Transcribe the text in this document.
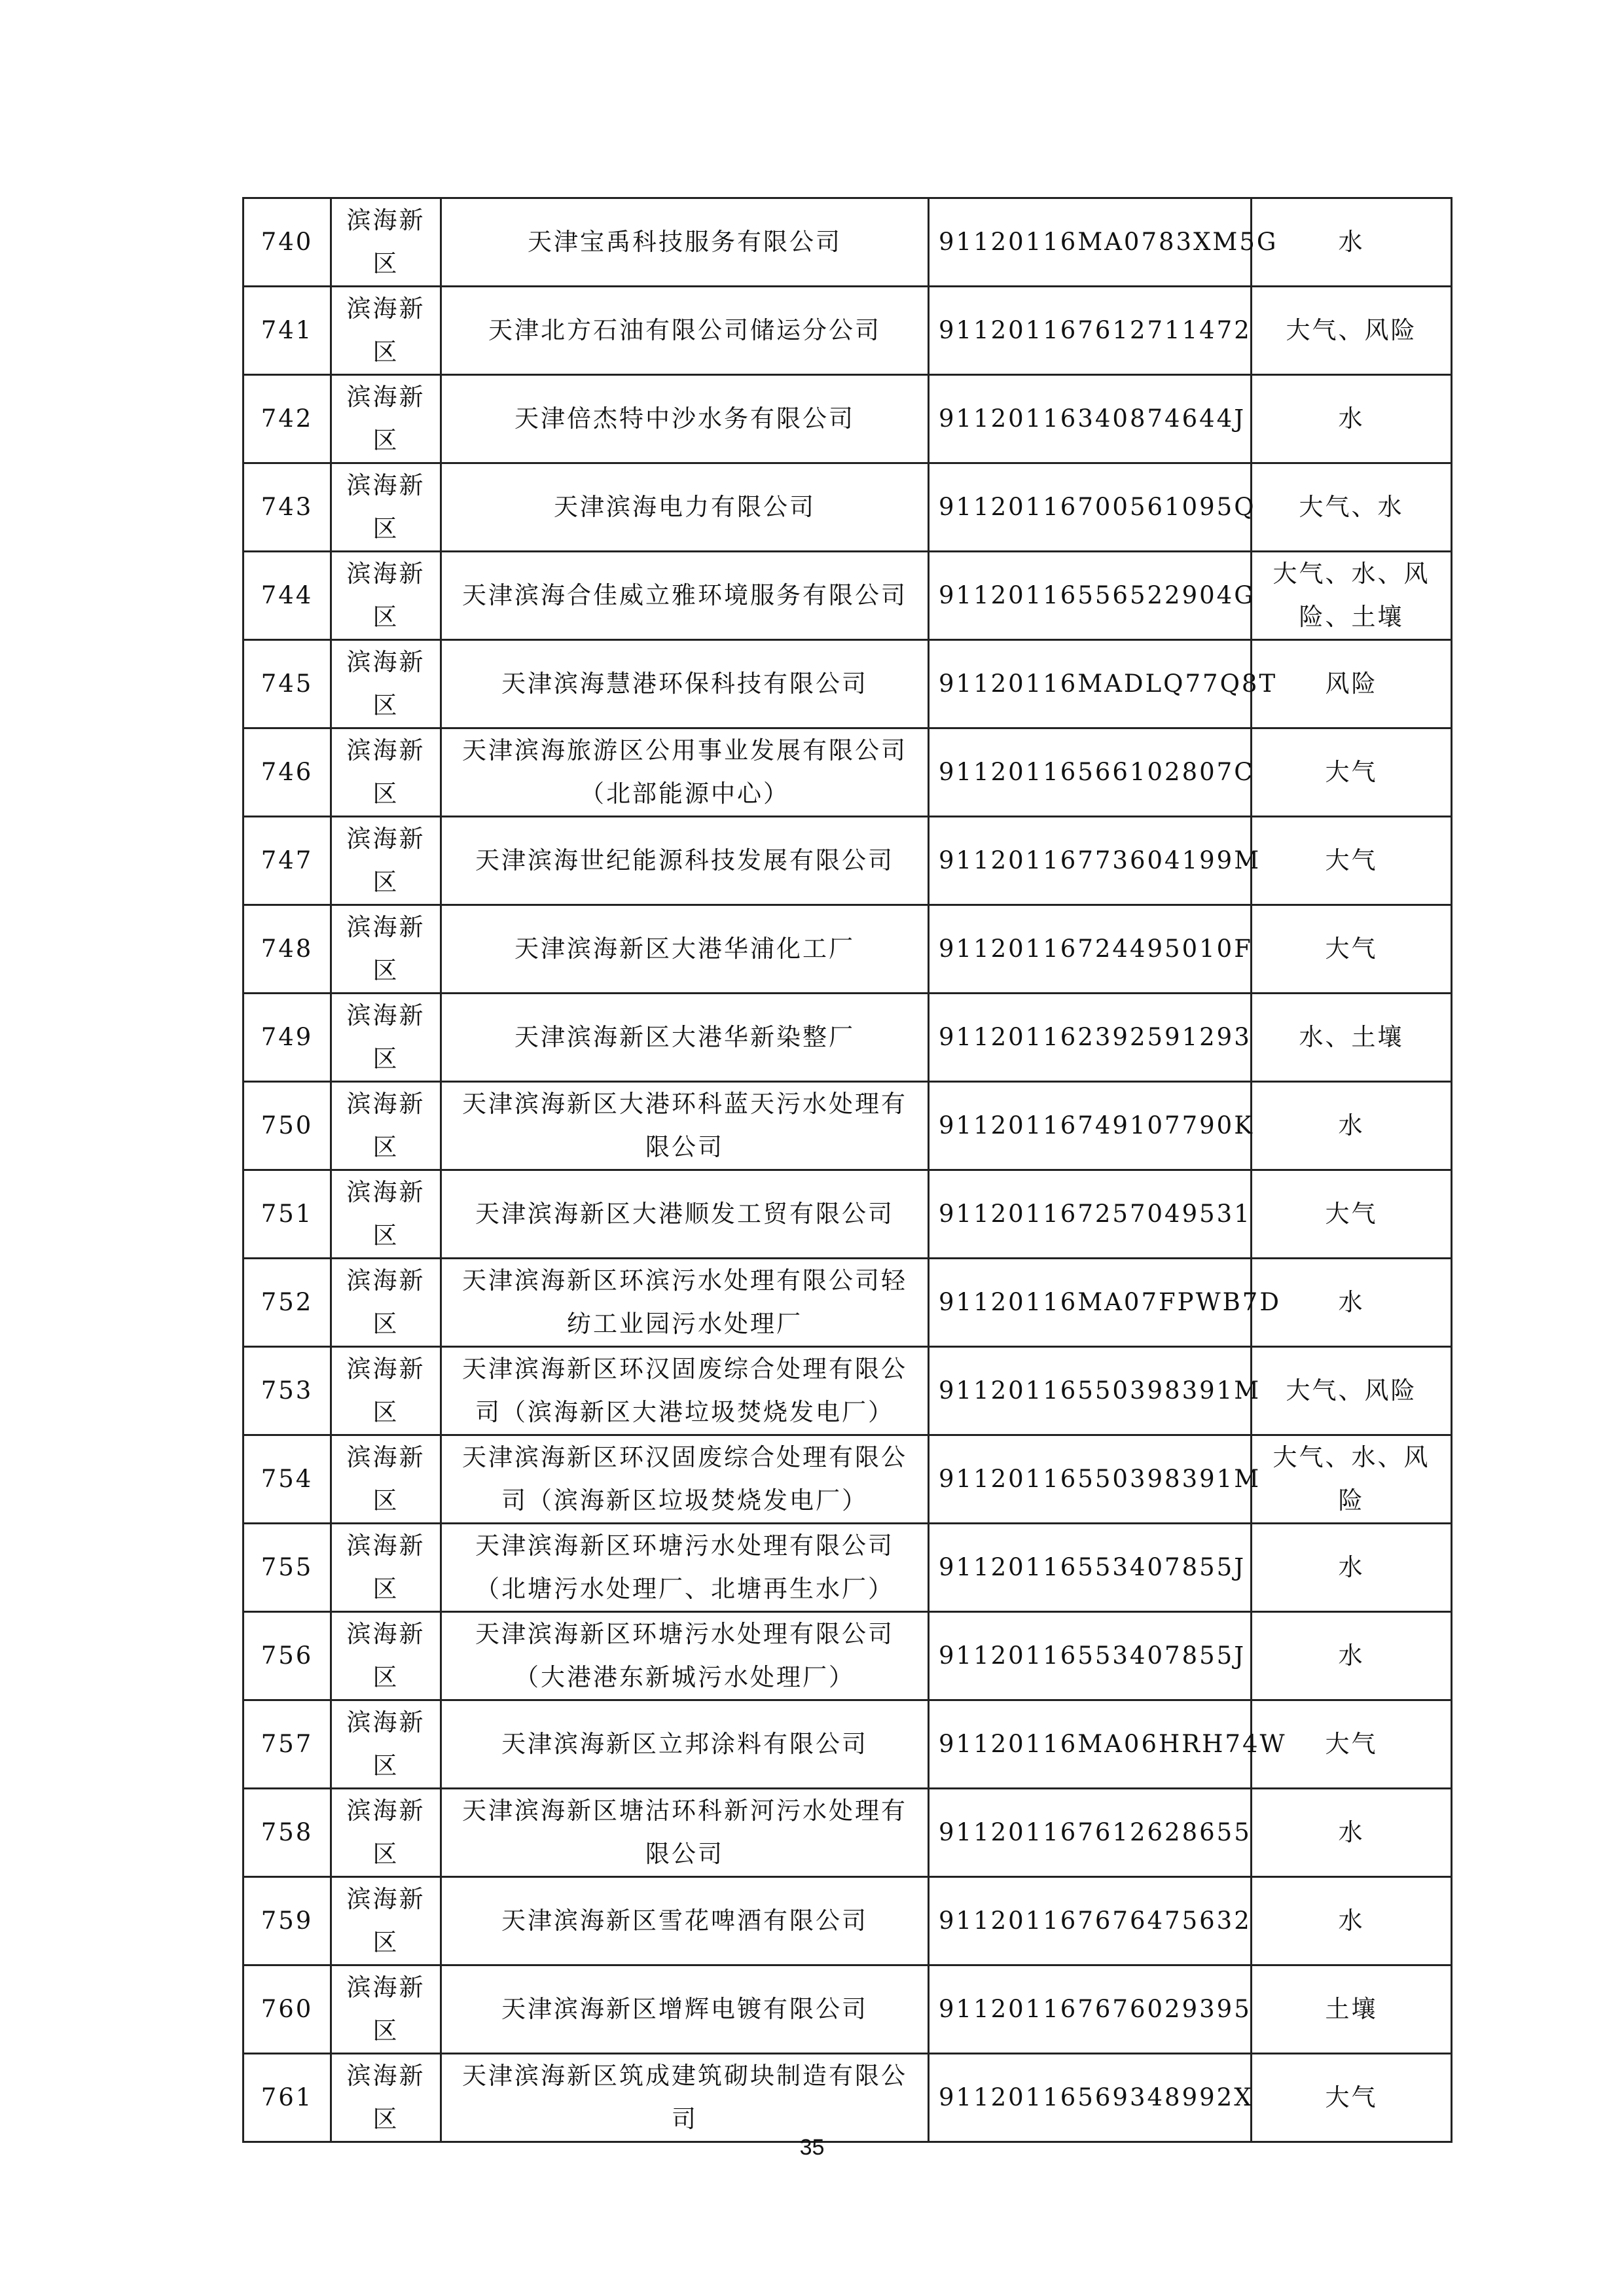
740	滨海新区	天津宝禹科技服务有限公司	91120116MA0783XM5G	水
741	滨海新区	天津北方石油有限公司储运分公司	911201167612711472	大气、风险
742	滨海新区	天津倍杰特中沙水务有限公司	91120116340874644J	水
743	滨海新区	天津滨海电力有限公司	91120116700561095Q	大气、水
744	滨海新区	天津滨海合佳威立雅环境服务有限公司	91120116556522904G	大气、水、风险、土壤
745	滨海新区	天津滨海慧港环保科技有限公司	91120116MADLQ77Q8T	风险
746	滨海新区	天津滨海旅游区公用事业发展有限公司（北部能源中心）	91120116566102807C	大气
747	滨海新区	天津滨海世纪能源科技发展有限公司	91120116773604199M	大气
748	滨海新区	天津滨海新区大港华浦化工厂	91120116724495010F	大气
749	滨海新区	天津滨海新区大港华新染整厂	911201162392591293	水、土壤
750	滨海新区	天津滨海新区大港环科蓝天污水处理有限公司	91120116749107790K	水
751	滨海新区	天津滨海新区大港顺发工贸有限公司	911201167257049531	大气
752	滨海新区	天津滨海新区环滨污水处理有限公司轻纺工业园污水处理厂	91120116MA07FPWB7D	水
753	滨海新区	天津滨海新区环汉固废综合处理有限公司（滨海新区大港垃圾焚烧发电厂）	91120116550398391M	大气、风险
754	滨海新区	天津滨海新区环汉固废综合处理有限公司（滨海新区垃圾焚烧发电厂）	91120116550398391M	大气、水、风险
755	滨海新区	天津滨海新区环塘污水处理有限公司（北塘污水处理厂、北塘再生水厂）	91120116553407855J	水
756	滨海新区	天津滨海新区环塘污水处理有限公司（大港港东新城污水处理厂）	91120116553407855J	水
757	滨海新区	天津滨海新区立邦涂料有限公司	91120116MA06HRH74W	大气
758	滨海新区	天津滨海新区塘沽环科新河污水处理有限公司	911201167612628655	水
759	滨海新区	天津滨海新区雪花啤酒有限公司	911201167676475632	水
760	滨海新区	天津滨海新区增辉电镀有限公司	911201167676029395	土壤
761	滨海新区	天津滨海新区筑成建筑砌块制造有限公司	91120116569348992X	大气
35
